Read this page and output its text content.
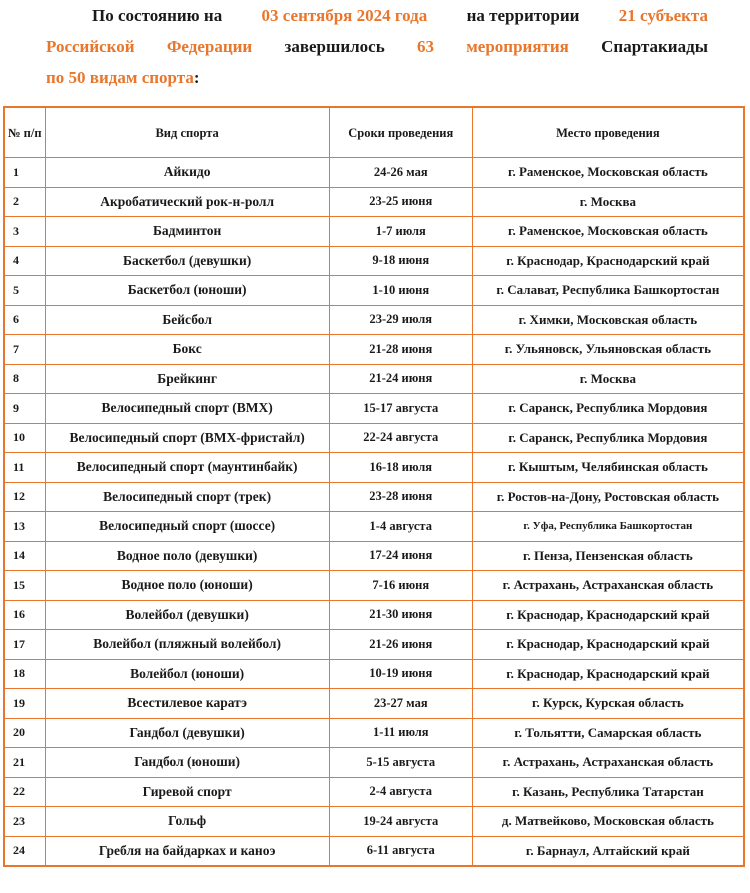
По состоянию на 03 сентября 2024 года на территории 21 субъекта
Российской Федерации завершилось 63 мероприятия Спартакиады
по 50 видам спорта:
№ п/п	Вид спорта	Сроки проведения	Место проведения
1	Айкидо	24-26 мая	г. Раменское, Московская область
2	Акробатический рок-н-ролл	23-25 июня	г. Москва
3	Бадминтон	1-7 июля	г. Раменское, Московская область
4	Баскетбол (девушки)	9-18 июня	г. Краснодар, Краснодарский край
5	Баскетбол (юноши)	1-10 июня	г. Салават, Республика Башкортостан
6	Бейсбол	23-29 июля	г. Химки, Московская область
7	Бокс	21-28 июня	г. Ульяновск, Ульяновская область
8	Брейкинг	21-24 июня	г. Москва
9	Велосипедный спорт (ВМХ)	15-17 августа	г. Саранск, Республика Мордовия
10	Велосипедный спорт (ВМХ-фристайл)	22-24 августа	г. Саранск, Республика Мордовия
11	Велосипедный спорт (маунтинбайк)	16-18 июля	г. Кыштым, Челябинская область
12	Велосипедный спорт (трек)	23-28 июня	г. Ростов-на-Дону, Ростовская область
13	Велосипедный спорт (шоссе)	1-4 августа	г. Уфа, Республика Башкортостан
14	Водное поло (девушки)	17-24 июня	г. Пенза, Пензенская область
15	Водное поло (юноши)	7-16 июня	г. Астрахань, Астраханская область
16	Волейбол (девушки)	21-30 июня	г. Краснодар, Краснодарский край
17	Волейбол (пляжный волейбол)	21-26 июня	г. Краснодар, Краснодарский край
18	Волейбол (юноши)	10-19 июня	г. Краснодар, Краснодарский край
19	Всестилевое каратэ	23-27 мая	г. Курск, Курская область
20	Гандбол (девушки)	1-11 июля	г. Тольятти, Самарская область
21	Гандбол (юноши)	5-15 августа	г. Астрахань, Астраханская область
22	Гиревой спорт	2-4 августа	г. Казань, Республика Татарстан
23	Гольф	19-24 августа	д. Матвейково, Московская область
24	Гребля на байдарках и каноэ	6-11 августа	г. Барнаул, Алтайский край
